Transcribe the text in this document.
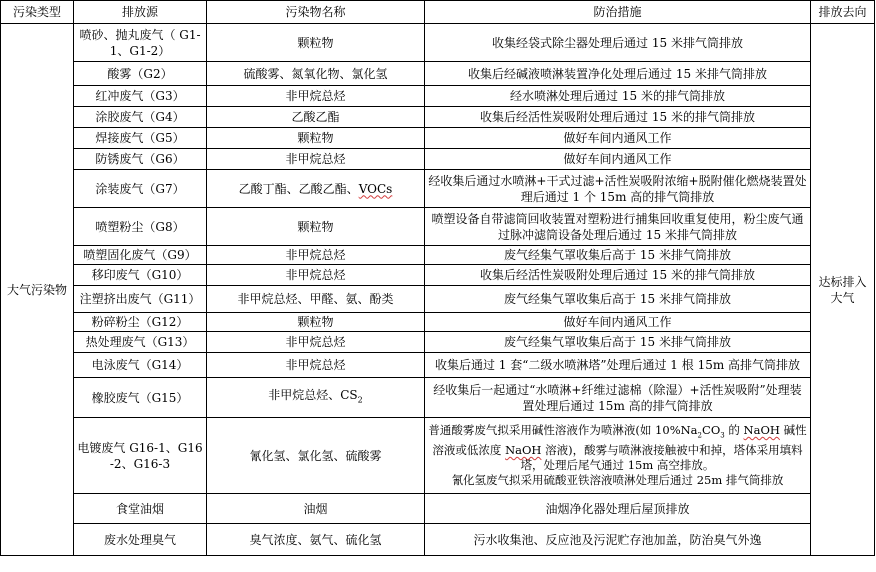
污染类型	排放源	污染物名称	防治措施	排放去向
大气污染物	喷砂、抛丸废气（ G1-1、G1-2）	颗粒物	收集经袋式除尘器处理后通过 15 米排气筒排放	达标排入大气
	酸雾（G2）	硫酸雾、氮氧化物、氯化氢	收集后经碱液喷淋装置净化处理后通过 15 米排气筒排放	
	红冲废气（G3）	非甲烷总烃	经水喷淋处理后通过 15 米的排气筒排放	
	涂胶废气（G4）	乙酸乙酯	收集后经活性炭吸附处理后通过 15 米的排气筒排放	
	焊接废气（G5）	颗粒物	做好车间内通风工作	
	防锈废气（G6）	非甲烷总烃	做好车间内通风工作	
	涂装废气（G7）	乙酸丁酯、乙酸乙酯、VOCs	经收集后通过水喷淋+干式过滤+活性炭吸附浓缩+脱附催化燃烧装置处理后通过 1 个 15m 高的排气筒排放	
	喷塑粉尘（G8）	颗粒物	喷塑设备自带滤筒回收装置对塑粉进行捕集回收重复使用，粉尘废气通过脉冲滤筒设备处理后通过 15 米排气筒排放	
	喷塑固化废气（G9）	非甲烷总烃	废气经集气罩收集后高于 15 米排气筒排放	
	移印废气（G10）	非甲烷总烃	收集后经活性炭吸附处理后通过 15 米的排气筒排放	
	注塑挤出废气（G11）	非甲烷总烃、甲醛、氨、酚类	废气经集气罩收集后高于 15 米排气筒排放	
	粉碎粉尘（G12）	颗粒物	做好车间内通风工作	
	热处理废气（G13）	非甲烷总烃	废气经集气罩收集后高于 15 米排气筒排放	
	电泳废气（G14）	非甲烷总烃	收集后通过 1 套“二级水喷淋塔”处理后通过 1 根 15m 高排气筒排放	
	橡胶废气（G15）	非甲烷总烃、$CS_2$	经收集后一起通过“水喷淋+纤维过滤棉（除湿）+活性炭吸附”处理装置处理后通过 15m 高的排气筒排放	
	电镀废气 G16-1、G16-2、G16-3	氰化氢、氯化氢、硫酸雾	普通酸雾废气拟采用碱性溶液作为喷淋液(如 $10\%Na_2CO_3$ 的 NaOH 碱性溶液或低浓度 NaOH 溶液)，酸雾与喷淋液接触被中和掉，塔体采用填料塔，处理后尾气通过 15m 高空排放。
氰化氢废气拟采用硫酸亚铁溶液喷淋处理后通过 25m 排气筒排放	
	食堂油烟	油烟	油烟净化器处理后屋顶排放	
	废水处理臭气	臭气浓度、氨气、硫化氢	污水收集池、反应池及污泥贮存池加盖，防治臭气外逸	
